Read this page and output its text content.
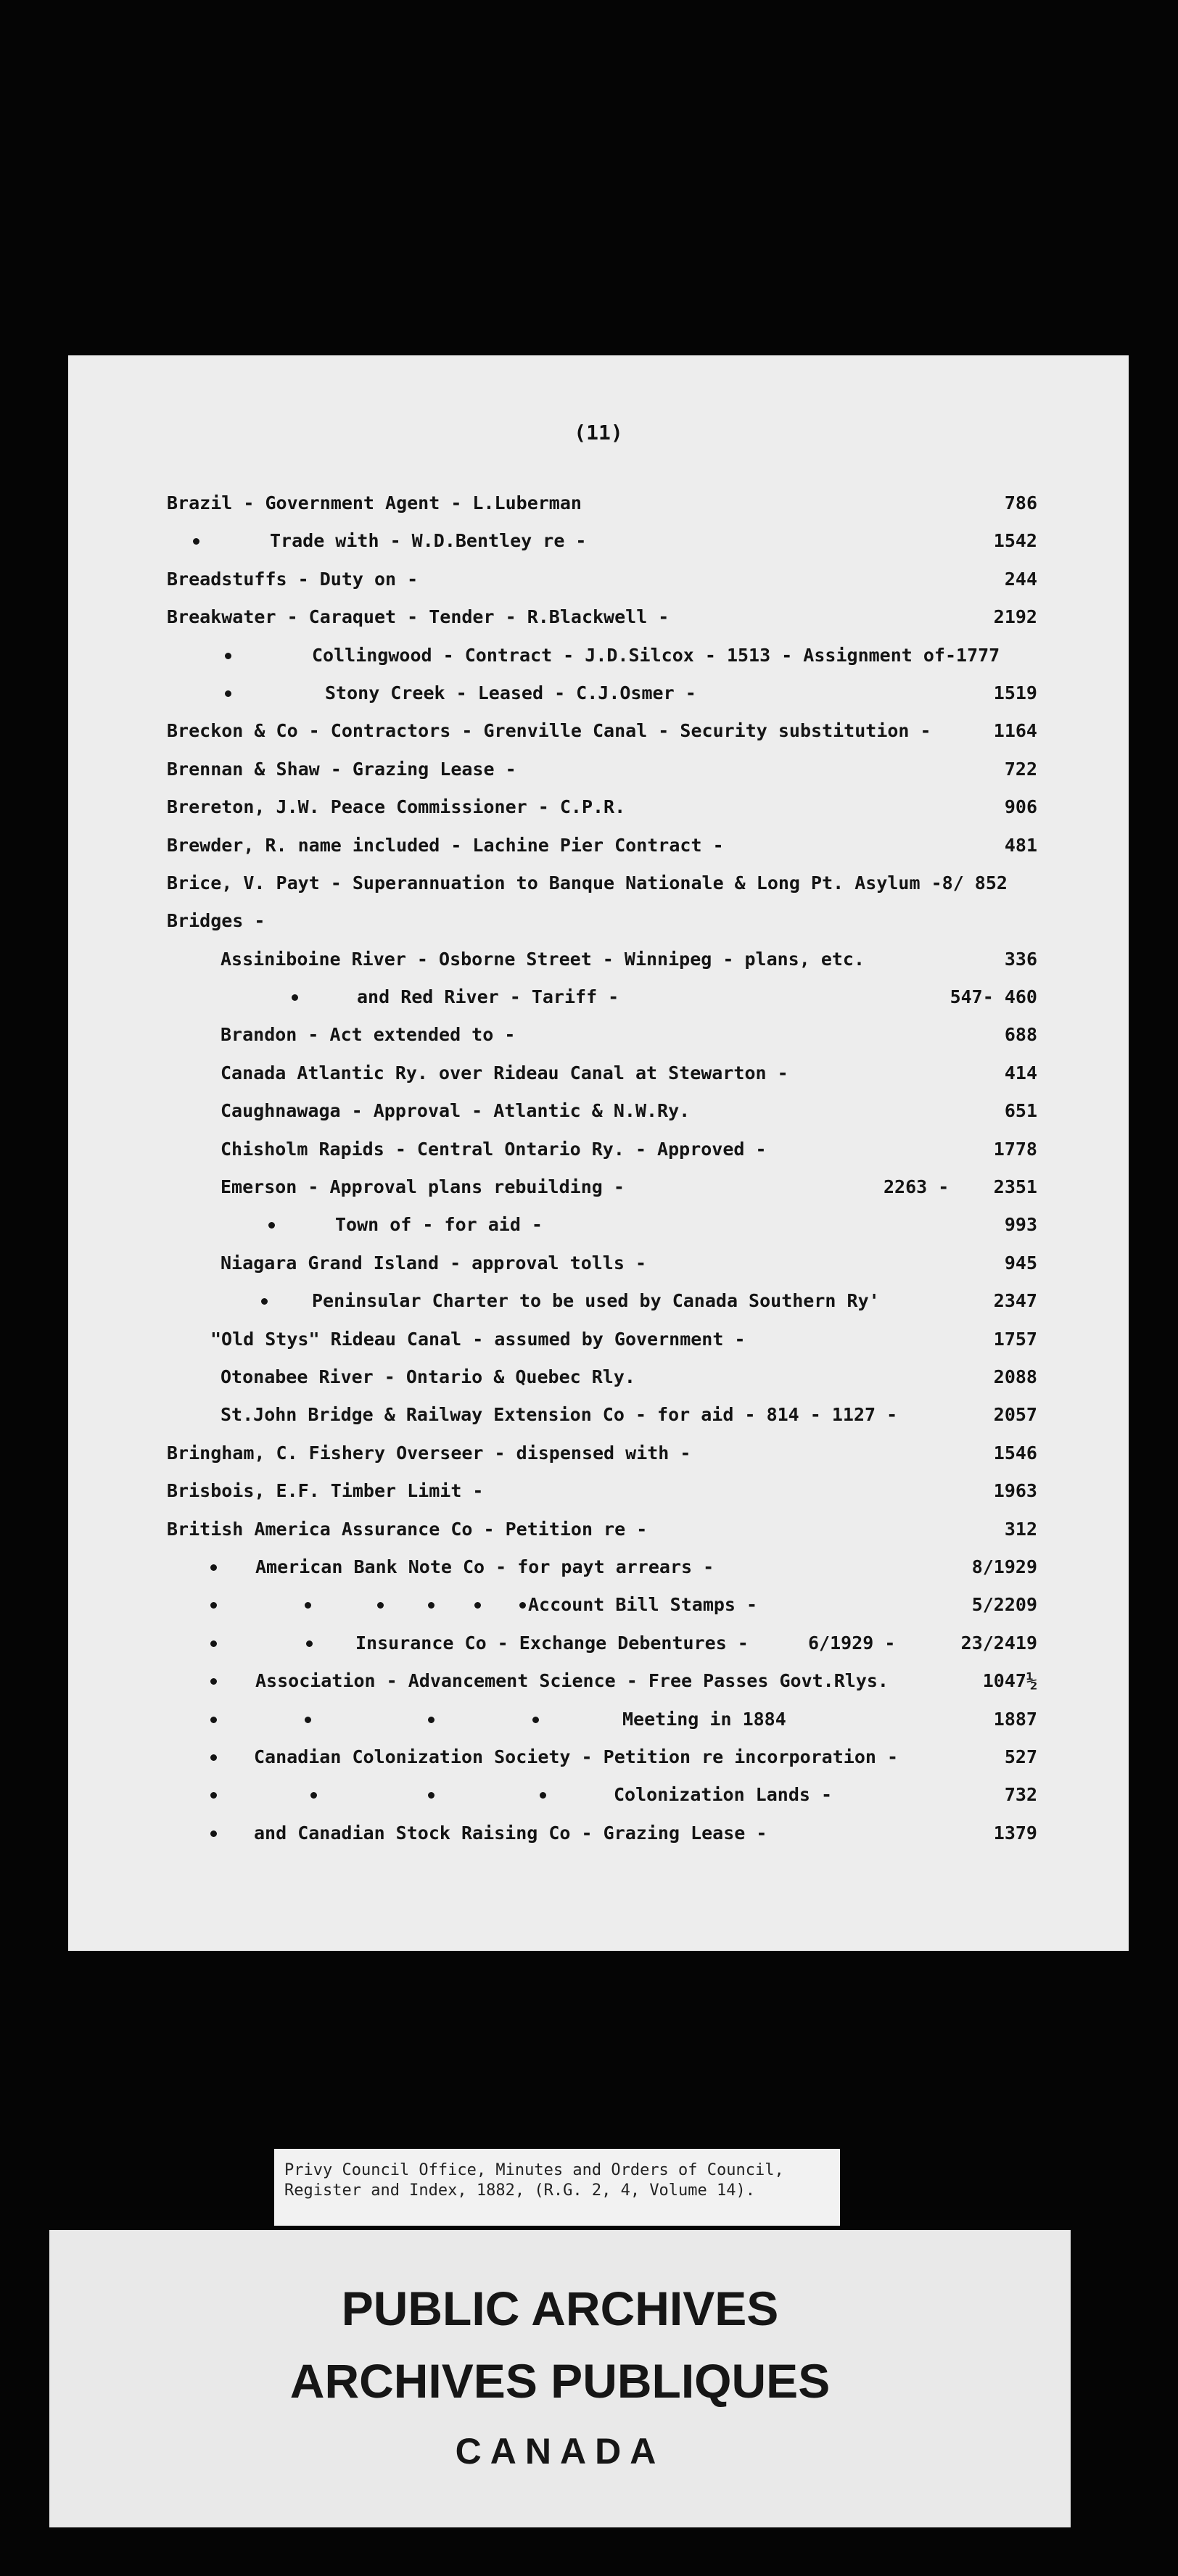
(11)
Brazil - Government Agent - L.Luberman	786
Trade with - W.D.Bentley re -	1542
Breadstuffs - Duty on -	244
Breakwater - Caraquet - Tender - R.Blackwell -	2192
Collingwood - Contract - J.D.Silcox - 1513 - Assignment of-1777
Stony Creek - Leased - C.J.Osmer -	1519
Breckon & Co - Contractors - Grenville Canal - Security substitution -	1164
Brennan & Shaw - Grazing Lease -	722
Brereton, J.W. Peace Commissioner - C.P.R.	906
Brewder, R. name included - Lachine Pier Contract -	481
Brice, V. Payt - Superannuation to Banque Nationale & Long Pt. Asylum -8/ 852
Bridges -
Assiniboine River - Osborne Street - Winnipeg - plans, etc.	336
and Red River - Tariff -	547- 460
Brandon - Act extended to -	688
Canada Atlantic Ry. over Rideau Canal at Stewarton -	414
Caughnawaga - Approval - Atlantic & N.W.Ry.	651
Chisholm Rapids - Central Ontario Ry. - Approved -	1778
Emerson - Approval plans rebuilding -	2263 - 2351
Town of - for aid -	993
Niagara Grand Island - approval tolls -	945
Peninsular Charter to be used by Canada Southern Ry'	2347
"Old Stys" Rideau Canal - assumed by Government -	1757
Otonabee River - Ontario & Quebec Rly.	2088
St.John Bridge & Railway Extension Co - for aid - 814 - 1127 -	2057
Bringham, C. Fishery Overseer - dispensed with -	1546
Brisbois, E.F. Timber Limit -	1963
British America Assurance Co - Petition re -	312
American Bank Note Co - for payt arrears -	8/1929
Account Bill Stamps -	5/2209
Insurance Co - Exchange Debentures -	6/1929 -	23/2419
Association - Advancement Science - Free Passes Govt.Rlys.	1047½
Meeting in 1884	1887
Canadian Colonization Society - Petition re incorporation -	527
Colonization Lands -	732
and Canadian Stock Raising Co - Grazing Lease -	1379
Privy Council Office, Minutes and Orders of Council,
Register and Index, 1882, (R.G. 2, 4, Volume 14).
PUBLIC ARCHIVES
ARCHIVES PUBLIQUES
CANADA
